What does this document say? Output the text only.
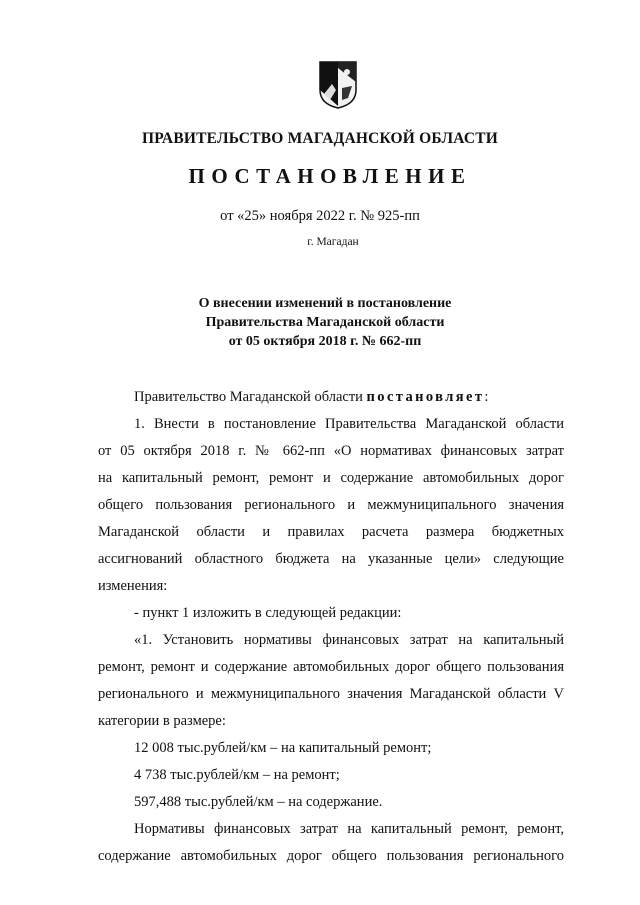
ПРАВИТЕЛЬСТВО МАГАДАНСКОЙ ОБЛАСТИ
ПОСТАНОВЛЕНИЕ
от «25» ноября 2022 г. № 925-пп
г. Магадан
О внесении изменений в постановление
Правительства Магаданской области
от 05 октября 2018 г. № 662-пп
Правительство Магаданской области постановляет:
1. Внести в постановление Правительства Магаданской области
от 05 октября 2018 г. № 662-пп «О нормативах финансовых затрат
на капитальный ремонт, ремонт и содержание автомобильных дорог
общего пользования регионального и межмуниципального значения
Магаданской области и правилах расчета размера бюджетных
ассигнований областного бюджета на указанные цели» следующие
изменения:
- пункт 1 изложить в следующей редакции:
«1. Установить нормативы финансовых затрат на капитальный
ремонт, ремонт и содержание автомобильных дорог общего пользования
регионального и межмуниципального значения Магаданской области V
категории в размере:
12 008 тыс.рублей/км – на капитальный ремонт;
4 738 тыс.рублей/км – на ремонт;
597,488 тыс.рублей/км – на содержание.
Нормативы финансовых затрат на капитальный ремонт, ремонт,
содержание автомобильных дорог общего пользования регионального
